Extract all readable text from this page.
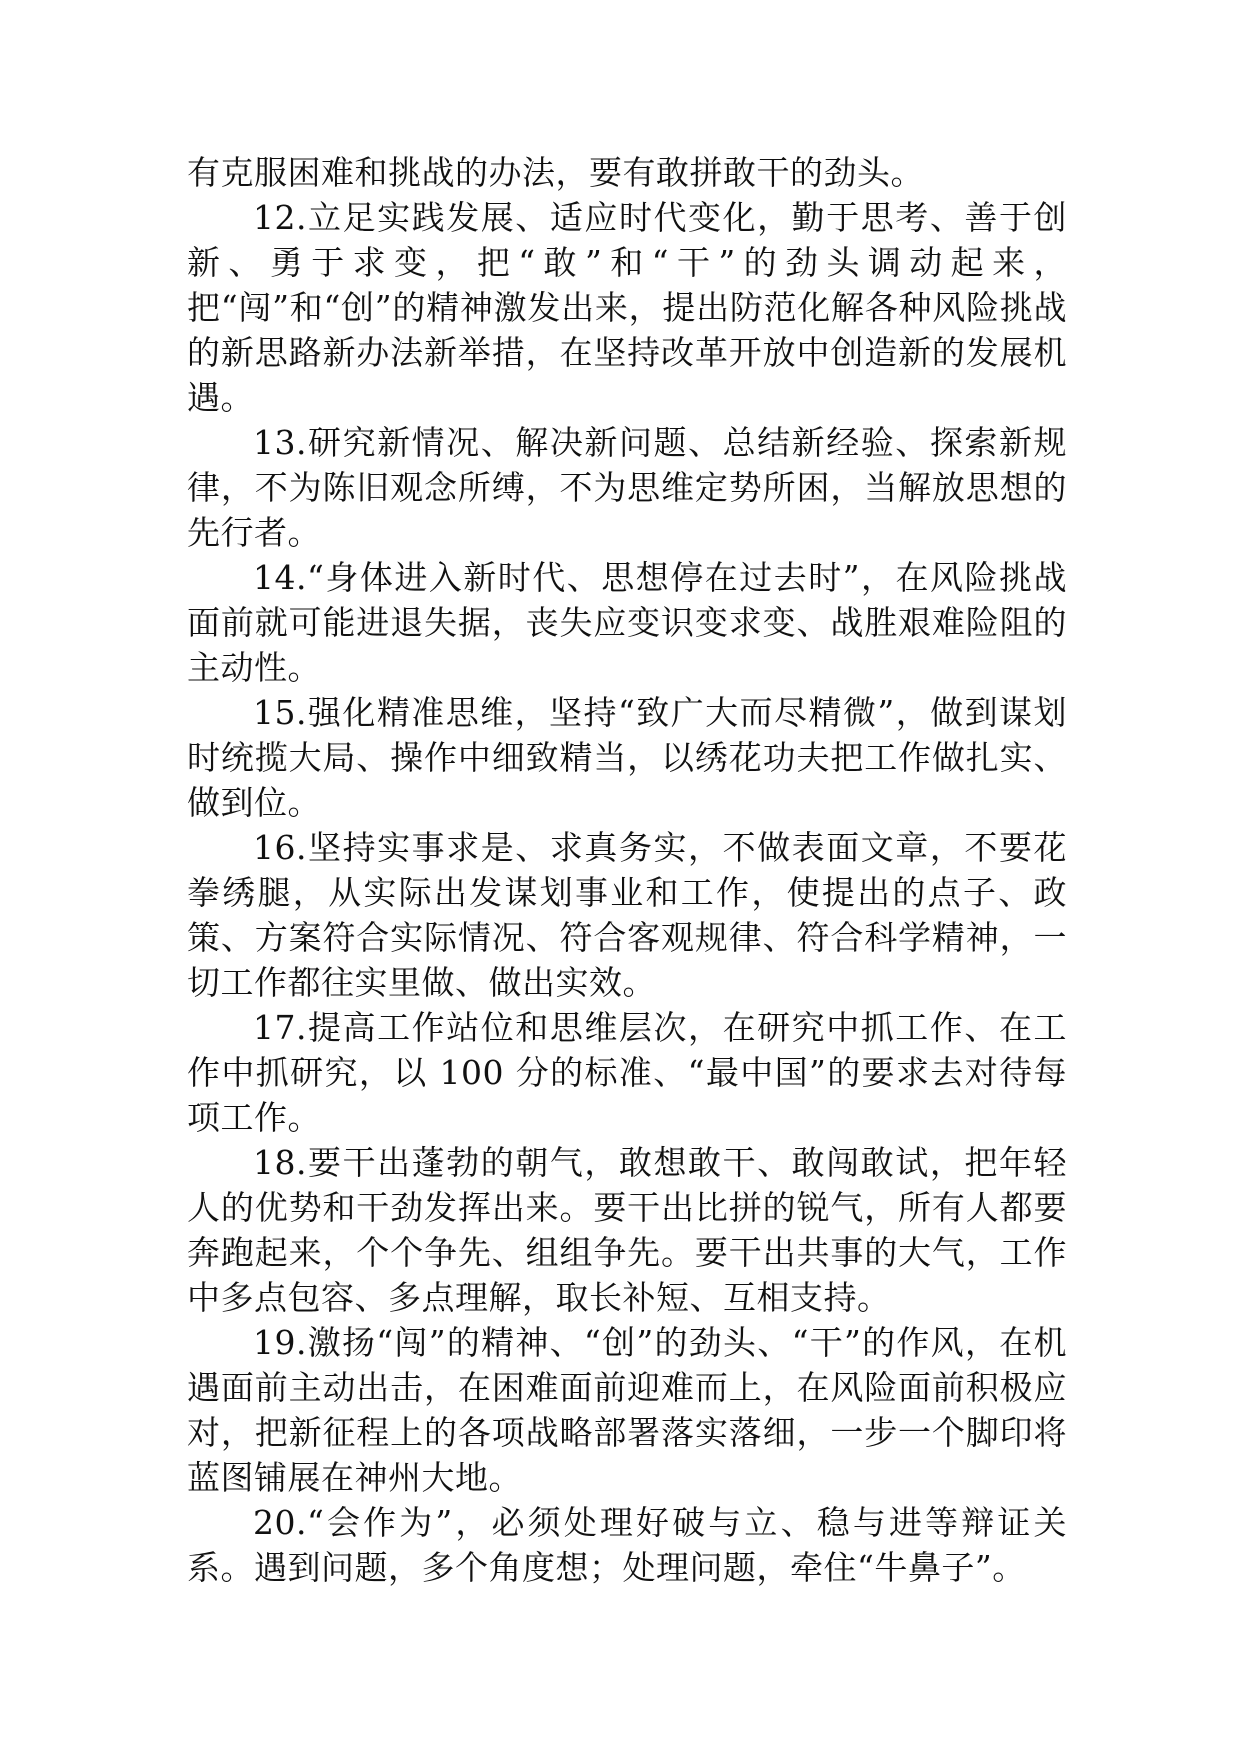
有克服困难和挑战的办法，要有敢拼敢干的劲头。

12.立足实践发展、适应时代变化，勤于思考、善于创新、勇于求变，把“敢”和“干”的劲头调动起来，把“闯”和“创”的精神激发出来，提出防范化解各种风险挑战的新思路新办法新举措，在坚持改革开放中创造新的发展机遇。

13.研究新情况、解决新问题、总结新经验、探索新规律，不为陈旧观念所缚，不为思维定势所困，当解放思想的先行者。

14.“身体进入新时代、思想停在过去时”，在风险挑战面前就可能进退失据，丧失应变识变求变、战胜艰难险阻的主动性。

15.强化精准思维，坚持“致广大而尽精微”，做到谋划时统揽大局、操作中细致精当，以绣花功夫把工作做扎实、做到位。

16.坚持实事求是、求真务实，不做表面文章，不要花拳绣腿，从实际出发谋划事业和工作，使提出的点子、政策、方案符合实际情况、符合客观规律、符合科学精神，一切工作都往实里做、做出实效。

17.提高工作站位和思维层次，在研究中抓工作、在工作中抓研究，以 100 分的标准、“最中国”的要求去对待每项工作。

18.要干出蓬勃的朝气，敢想敢干、敢闯敢试，把年轻人的优势和干劲发挥出来。要干出比拼的锐气，所有人都要奔跑起来，个个争先、组组争先。要干出共事的大气，工作中多点包容、多点理解，取长补短、互相支持。

19.激扬“闯”的精神、“创”的劲头、“干”的作风，在机遇面前主动出击，在困难面前迎难而上，在风险面前积极应对，把新征程上的各项战略部署落实落细，一步一个脚印将蓝图铺展在神州大地。

20.“会作为”，必须处理好破与立、稳与进等辩证关系。遇到问题，多个角度想；处理问题，牵住“牛鼻子”。
